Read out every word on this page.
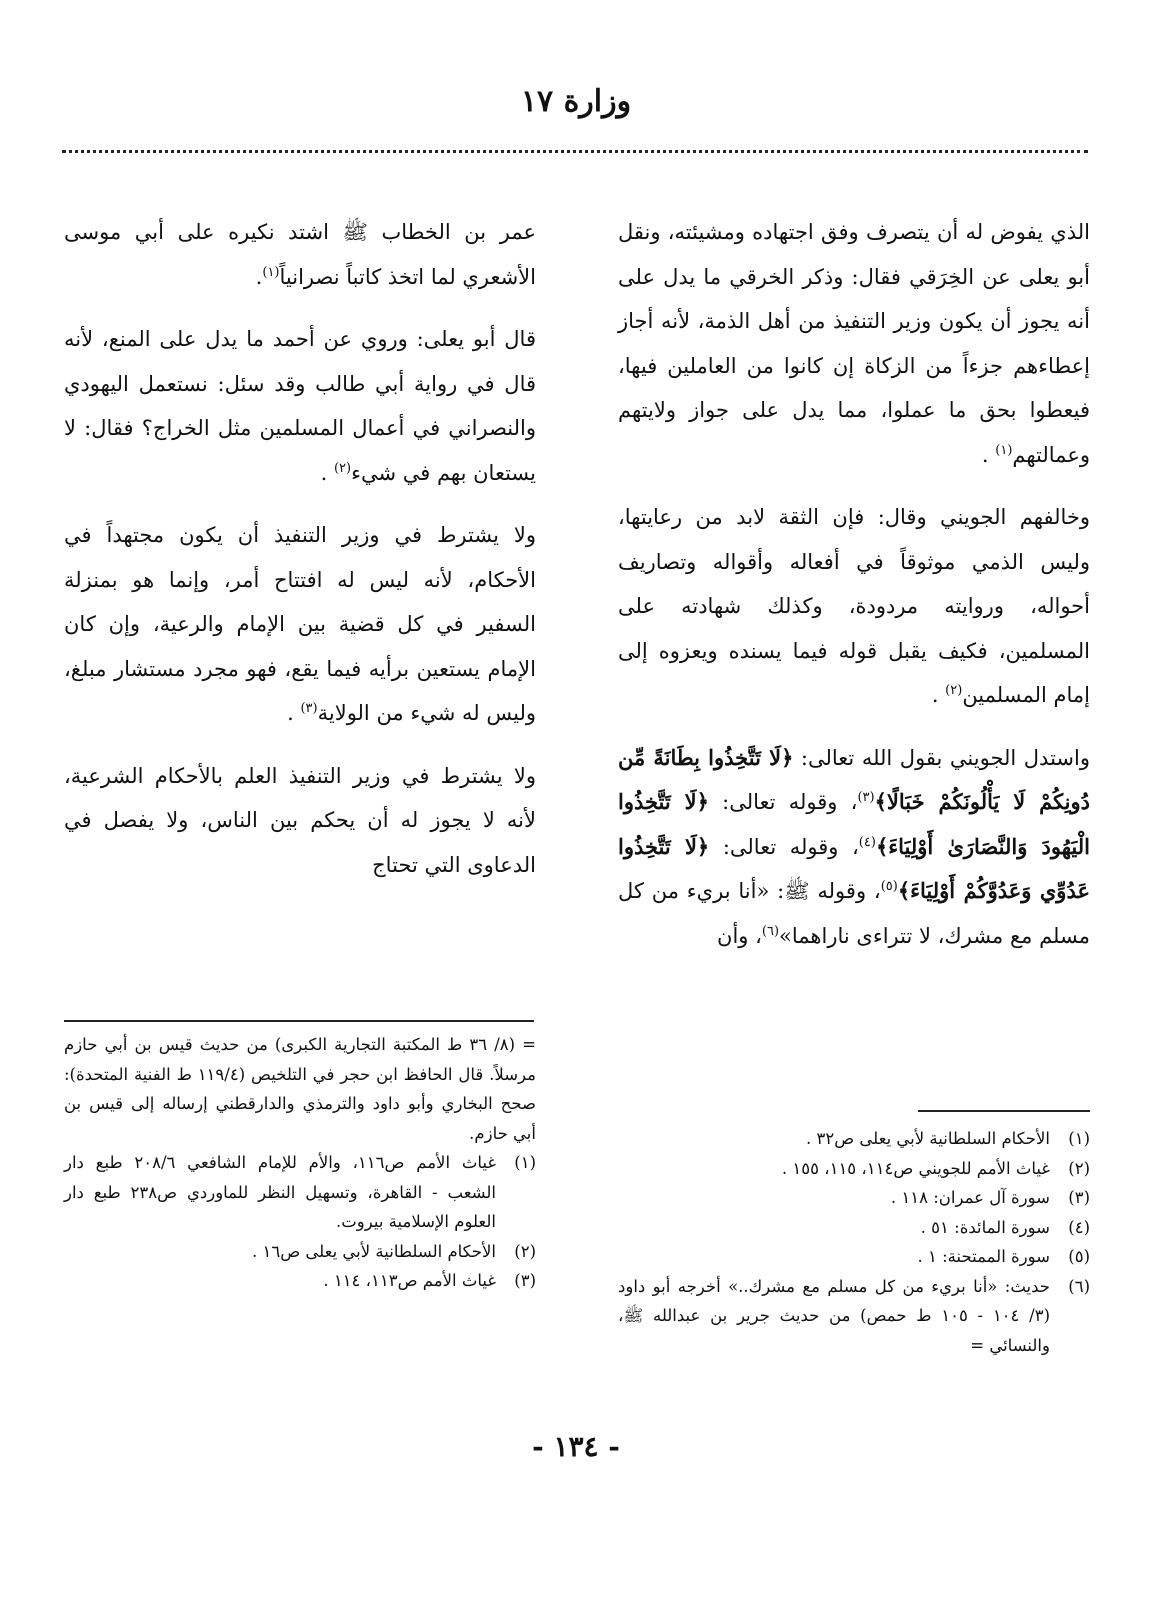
وزارة ١٧

الذي يفوض له أن يتصرف وفق اجتهاده ومشيئته، ونقل أبو يعلى عن الخِرَقي فقال: وذكر الخرقي ما يدل على أنه يجوز أن يكون وزير التنفيذ من أهل الذمة، لأنه أجاز إعطاءهم جزءاً من الزكاة إن كانوا من العاملين فيها، فيعطوا بحق ما عملوا، مما يدل على جواز ولايتهم وعمالتهم$^{(١)}$ .

وخالفهم الجويني وقال: فإن الثقة لابد من رعايتها، وليس الذمي موثوقاً في أفعاله وأقواله وتصاريف أحواله، وروايته مردودة، وكذلك شهادته على المسلمين، فكيف يقبل قوله فيما يسنده ويعزوه إلى إمام المسلمين$^{(٢)}$ .

واستدل الجويني بقول الله تعالى: ﴿لَا تَتَّخِذُوا بِطَانَةً مِّن دُونِكُمْ لَا يَأْلُونَكُمْ خَبَالًا﴾$^{(٣)}$، وقوله تعالى: ﴿لَا تَتَّخِذُوا الْيَهُودَ وَالنَّصَارَىٰ أَوْلِيَاءَ﴾$^{(٤)}$، وقوله تعالى: ﴿لَا تَتَّخِذُوا عَدُوِّي وَعَدُوَّكُمْ أَوْلِيَاءَ﴾$^{(٥)}$، وقوله ﷺ: «أنا بريء من كل مسلم مع مشرك، لا تتراءى ناراهما»$^{(٦)}$، وأن

(١)
الأحكام السلطانية لأبي يعلى ص٣٢ .
(٢)
غياث الأمم للجويني ص١١٤، ١١٥، ١٥٥ .
(٣)
سورة آل عمران: ١١٨ .
(٤)
سورة المائدة: ٥١ .
(٥)
سورة الممتحنة: ١ .
(٦)
حديث: «أنا بريء من كل مسلم مع مشرك..» أخرجه أبو داود (٣/ ١٠٤ - ١٠٥ ط حمص) من حديث جرير بن عبدالله ﷺ، والنسائي =

عمر بن الخطاب ﷺ اشتد نكيره على أبي موسى الأشعري لما اتخذ كاتباً نصرانياً$^{(١)}$.

قال أبو يعلى: وروي عن أحمد ما يدل على المنع، لأنه قال في رواية أبي طالب وقد سئل: نستعمل اليهودي والنصراني في أعمال المسلمين مثل الخراج؟ فقال: لا يستعان بهم في شيء$^{(٢)}$ .

ولا يشترط في وزير التنفيذ أن يكون مجتهداً في الأحكام، لأنه ليس له افتتاح أمر، وإنما هو بمنزلة السفير في كل قضية بين الإمام والرعية، وإن كان الإمام يستعين برأيه فيما يقع، فهو مجرد مستشار مبلغ، وليس له شيء من الولاية$^{(٣)}$ .

ولا يشترط في وزير التنفيذ العلم بالأحكام الشرعية، لأنه لا يجوز له أن يحكم بين الناس، ولا يفصل في الدعاوى التي تحتاج

= (٨/ ٣٦ ط المكتبة التجارية الكبرى) من حديث قيس بن أبي حازم مرسلاً. قال الحافظ ابن حجر في التلخيص (١١٩/٤ ط الفنية المتحدة): صحح البخاري وأبو داود والترمذي والدارقطني إرساله إلى قيس بن أبي حازم.

(١)
غياث الأمم ص١١٦، والأم للإمام الشافعي ٢٠٨/٦ طبع دار الشعب - القاهرة، وتسهيل النظر للماوردي ص٢٣٨ طبع دار العلوم الإسلامية بيروت.
(٢)
الأحكام السلطانية لأبي يعلى ص١٦ .
(٣)
غياث الأمم ص١١٣، ١١٤ .
- ١٣٤ -
